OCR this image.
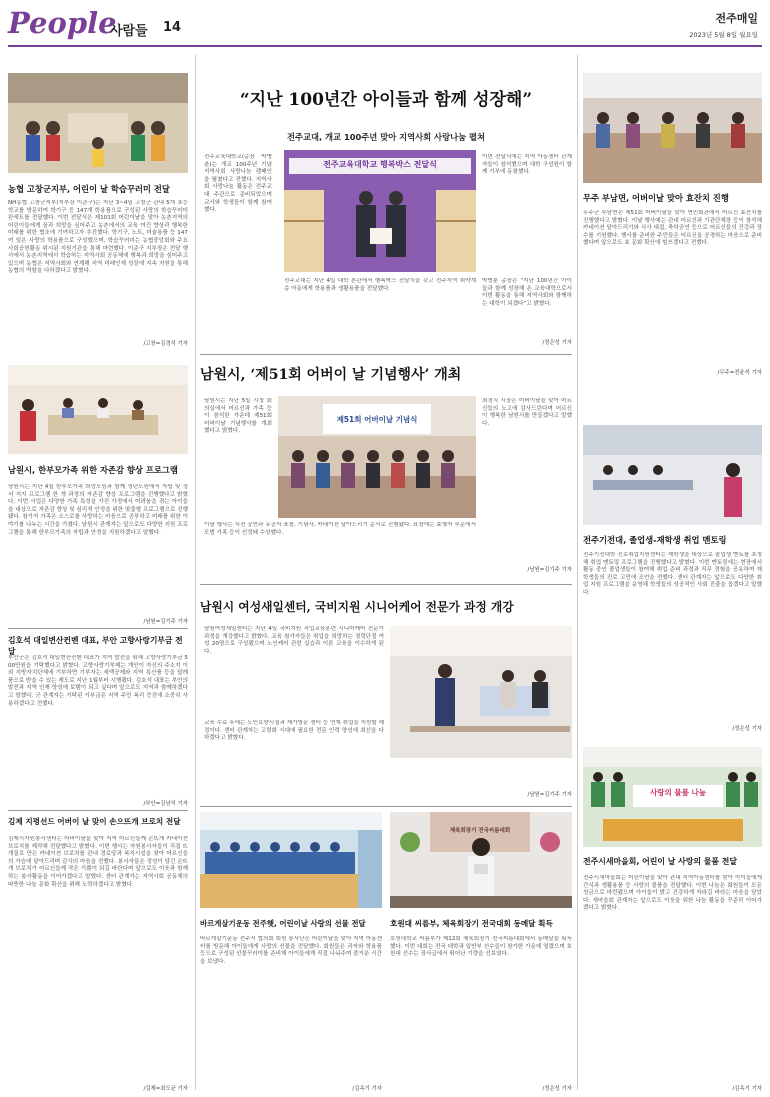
People
사람들 14
전주매일
2023년 5월 8일 월요일
농협 고창군지부, 어린이 날 학습꾸러미 전달
NH농협 고창군지부(지부장 이준구)는 지난 3~4일 고창군 관내 5개 초등학교를 방문하여 학기구 등 147개 학용품으로 구성된 사랑의 학습꾸러미 완세트를 전달했다. 이번 전달식은 제101회 어린이날을 맞아 농촌지역의 어린이들에게 꿈과 희망을 심어주고 농촌에서의 교육 여건 향상과 행복한 미래를 위한 협조에 기여하고자 추진했다. 학기구, 노트, 미술용품 등 147여 일은 사랑의 학용품으로 구성했으며, 학습꾸러미는 농협중앙회와 주요 사회공헌활동 위시된 지원기관을 통해 마련했다. 이준구 지부장은 전달 행사에서 농촌지역에서 학습하는 지역사회 공동체에 행복과 희망을 심어주고 있으며 농협은 지역사회와 연계해 지역 미래인재 성장에 지속 지원을 통해 농협의 역할을 다하겠다고 밝혔다.
/고창=김경석 기자
남원시, 한부모가족 위한 자존감 향상 프로그램
남원시는 지난 4일 한부모가족 희망모임과 함께 청년도원에서 자립 및 정서 지지 프로그램 한 개 과정의 자존감 향상 프로그램을 진행했다고 밝혔다. 이번 사업은 다양한 가족 특성을 가진 가정에서 어려움을 겪는 아이들을 대상으로 자존감 향상 및 심리적 안정을 위한 맞춤형 프로그램으로 진행됐다. 참가자 가족은 소스로를 사랑하는 마음으로 공부하고 미래를 위한 이야기를 나누는 시간을 가졌다. 남원시 관계자는 앞으로도 다양한 지원 프로그램을 통해 한부모가족의 자립과 안정을 지원하겠다고 말했다.
/남원=김기주 기자
김호석 대일변산컨벤 대표, 부안 고향사랑기부금 전달
부안군은 김호석 대일변산컨벤 대표가 지역 발전을 위해 고향사랑기부금 500만원을 기탁했다고 밝혔다. 고향사랑기부제는 개인이 자신의 주소지 이외 지방자치단체에 기부하면 기부자는 세액공제와 지역 특산품 등을 답례품으로 받을 수 있는 제도로 지난 1월부터 시행됐다. 김호석 대표는 부안의 발전과 지역 인재 양성에 보탬이 되고 싶다며 앞으로도 지역과 함께하겠다고 말했다. 군 관계자는 기탁된 기부금은 지역 주민 복리 증진에 소중히 사용하겠다고 전했다.
/부안=김남석 기자
김제 지평선드 어버이 날 맞이 손으뜨개 브로치 전달
김제시자원봉사센터는 어버이날을 맞아 지역 어르신들께 손뜨개 카네이션 브로치를 제작해 전달했다고 밝혔다. 이번 행사는 자원봉사자들이 직접 뜨개질로 만든 카네이션 브로치를 관내 경로당과 복지시설을 찾아 어르신들의 가슴에 달아드리며 감사의 마음을 전했다. 봉사자들은 정성이 담긴 손뜨개 브로치가 어르신들께 작은 기쁨이 되길 바란다며 앞으로도 이웃과 함께하는 봉사활동을 이어가겠다고 말했다. 센터 관계자는 지역사회 공동체의 따뜻한 나눔 문화 확산을 위해 노력하겠다고 밝혔다.
/김제=최도균 기자
“지난 100년간 아이들과 함께 성장해”
전주교대, 개교 100주년 맞아 지역사회 사랑나눔 펼쳐
전주교육대학교(총장 박병춘)는 개교 100주년 기념 지역사회 사랑나눔 캠페인을 펼쳤다고 전했다. 지역사회 사랑나눔 활동은 전주교대 주관으로 준비되었으며 교사와 학생들이 함께 참여했다.
전주교육대학교 행복박스 전달식
전주교대는 지난 4일 대학 본관에서 행복박스 전달식을 갖고 전주지역 취약계층 아동에게 학용품과 생활용품을 전달했다.
이번 전달식에는 지역 아동센터 관계자들이 참석했으며 대학 구성원이 함께 기부에 동참했다.
박병춘 총장은 “지난 100년간 아이들과 함께 성장해 온 교육대학으로서 이번 활동을 통해 지역사회와 함께하는 대학이 되겠다”고 밝혔다.
/정은성 기자
남원시, ‘제51회 어버이 날 기념행사’ 개최
남원시는 지난 5일 시청 회의실에서 어르신과 가족 등이 참석한 가운데 제51회 어버이날 기념행사를 개최했다고 밝혔다.
제51회 어버이날 기념식
이날 행사는 식전 공연과 유공자 표창, 기념사, 카네이션 달아드리기 순서로 진행됐다. 표창에는 효행자 부문에서 모범 가족 등이 선정돼 수상했다.
최경식 시장은 어버이날을 맞아 어르신들의 노고에 감사드린다며 어르신이 행복한 남원시를 만들겠다고 말했다.
/남원=김기주 기자
남원시 여성새일센터, 국비지원 시니어케어 전문가 과정 개강
남원여성새일센터는 지난 4일 국비지원 직업교육훈련 시니어케어 전문가 과정을 개강했다고 밝혔다. 교육 참가자들은 취업을 희망하는 경력단절 여성 20명으로 구성됐으며 노인케어 관련 실습과 이론 교육을 이수하게 된다.
교육 수료 후에는 노인요양시설과 재가방문 센터 등 연계 취업을 지원할 예정이다. 센터 관계자는 고령화 시대에 필요한 전문 인력 양성에 최선을 다하겠다고 밝혔다.
/남원=김기주 기자
바르게살기운동 전주햇, 어린이날 사랑의 선물 전달
바르게살기운동 전주시 협의회 회원 봉사단은 어린이날을 맞아 지역 아동센터를 방문해 아이들에게 사랑의 선물을 전달했다. 회원들은 과자와 학용품 등으로 구성된 선물꾸러미를 준비해 아이들에게 직접 나눠주며 즐거운 시간을 보냈다.
/김옥기 기자
체육회장기 전국씨름대회
호원대 씨름부, 체육회장기 전국대회 동메달 획득
호원대학교 씨름부가 제12회 체육회장기 전국씨름대회에서 동메달을 획득했다. 이번 대회는 전국 대학과 일반부 선수들이 참가한 가운데 열렸으며 호원대 선수는 장사급에서 뛰어난 기량을 선보였다.
/정은성 기자
무주 부남면, 어버이날 맞아 효잔치 진행
무주군 부남면은 제51회 어버이날을 맞아 면민회관에서 어르신 효잔치를 진행했다고 밝혔다. 이날 행사에는 관내 어르신과 기관단체장 등이 참석해 카네이션 달아드리기와 식사 대접, 축하공연 등으로 어르신들의 건강과 장수를 기원했다. 행사를 준비한 주민들은 어르신을 공경하는 마음으로 준비했다며 앞으로도 효 문화 확산에 힘쓰겠다고 전했다.
/무주=전윤석 기자
전주기전대, 졸업생-재학생 취업 멘토링
전주기전대학 진로취업지원센터는 재학생을 대상으로 졸업생 멘토를 초청해 취업 멘토링 프로그램을 진행했다고 밝혔다. 이번 멘토링에는 현장에서 활동 중인 졸업생들이 참여해 취업 준비 과정과 직무 경험을 공유하며 재학생들의 진로 고민에 조언을 전했다. 센터 관계자는 앞으로도 다양한 취업 지원 프로그램을 운영해 학생들의 성공적인 사회 진출을 돕겠다고 말했다.
/정은성 기자
사랑의 물품 나눔
전주시새마을회, 어린이 날 사랑의 물품 전달
전주시새마을회는 어린이날을 맞아 관내 지역아동센터를 찾아 아이들에게 간식과 생활용품 등 사랑의 물품을 전달했다. 이번 나눔은 회원들이 모은 성금으로 마련됐으며 아이들이 밝고 건강하게 자라길 바라는 마음을 담았다. 새마을회 관계자는 앞으로도 이웃을 위한 나눔 활동을 꾸준히 이어가겠다고 밝혔다.
/김옥기 기자
